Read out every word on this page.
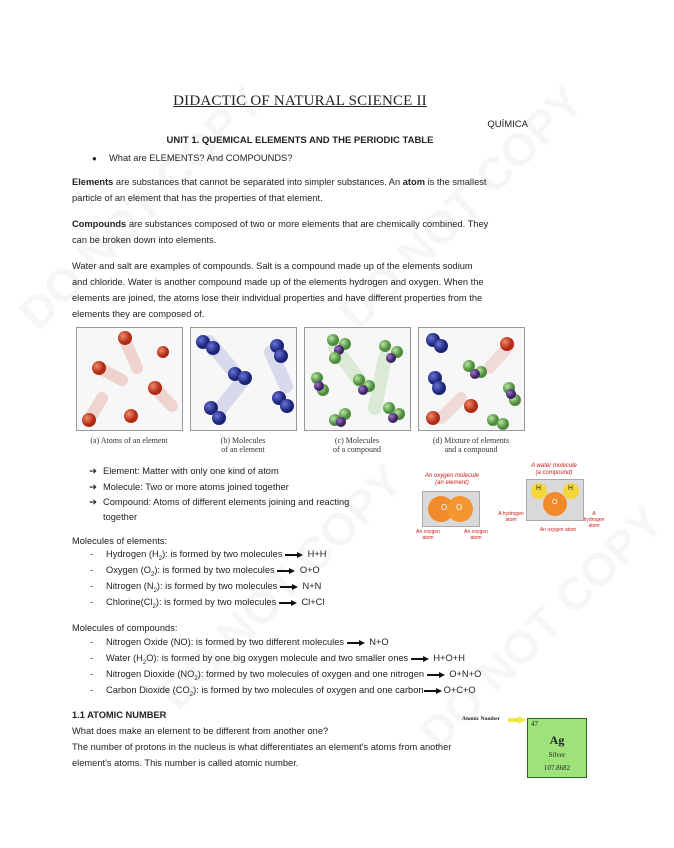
DIDACTIC OF NATURAL SCIENCE II
QUÍMICA
UNIT 1. QUEMICAL ELEMENTS AND THE PERIODIC TABLE
● What are ELEMENTS? And COMPOUNDS?
Elements are substances that cannot be separated into simpler substances. An atom is the smallest
particle of an element that has the properties of that element.
Compounds are substances composed of two or more elements that are chemically combined. They
can be broken down into elements.
Water and salt are examples of compounds. Salt is a compound made up of the elements sodium
and chloride. Water is another compound made up of the elements hydrogen and oxygen. When the
elements are joined, the atoms lose their individual properties and have different properties from the
elements they are composed of.
(a) Atoms of an element	(b) Molecules
of an element
(c) Molecules
of a compound
(d) Mixture of elements
and a compound
➔ Element: Matter with only one kind of atom
➔ Molecule: Two or more atoms joined together
➔ Compound: Atoms of different elements joining and reacting
together
An oxygen molecule
(an element)
A water molecule
(a compound)
O O
H	H
O
An oxygen
atom
An oxygen
atom
A hydrogen
atom
A hydrogen
atom
An oxygen atom
Molecules of elements:
-     Hydrogen $(H_2)$: is formed by two molecules	H+H
-     Oxygen $(O_2)$: is formed by two molecules	O+O
-     Nitrogen $(N_2)$: is formed by two molecules	N+N
-     $Chlorine(Cl_2)$: is formed by two molecules	Cl+Cl
Molecules of compounds:
-     Nitrogen Oxide (NO): is formed by two different molecules	N+O
-     Water $(H_2O)$: is formed by one big oxygen molecule and two smaller ones	H+O+H
-     Nitrogen Dioxide $(NO_2)$: formed by two molecules of oxygen and one nitrogen	O+N+O
-     Carbon Dioxide $(CO_2)$: is formed by two molecules of oxygen and one carbon O+C+O
1.1 ATOMIC NUMBER
What does make an element to be different from another one?
The number of protons in the nucleus is what differentiates an element's atoms from another
element's atoms. This number is called atomic number.
Atomic Number
47
Ag
Silver
107.8682
